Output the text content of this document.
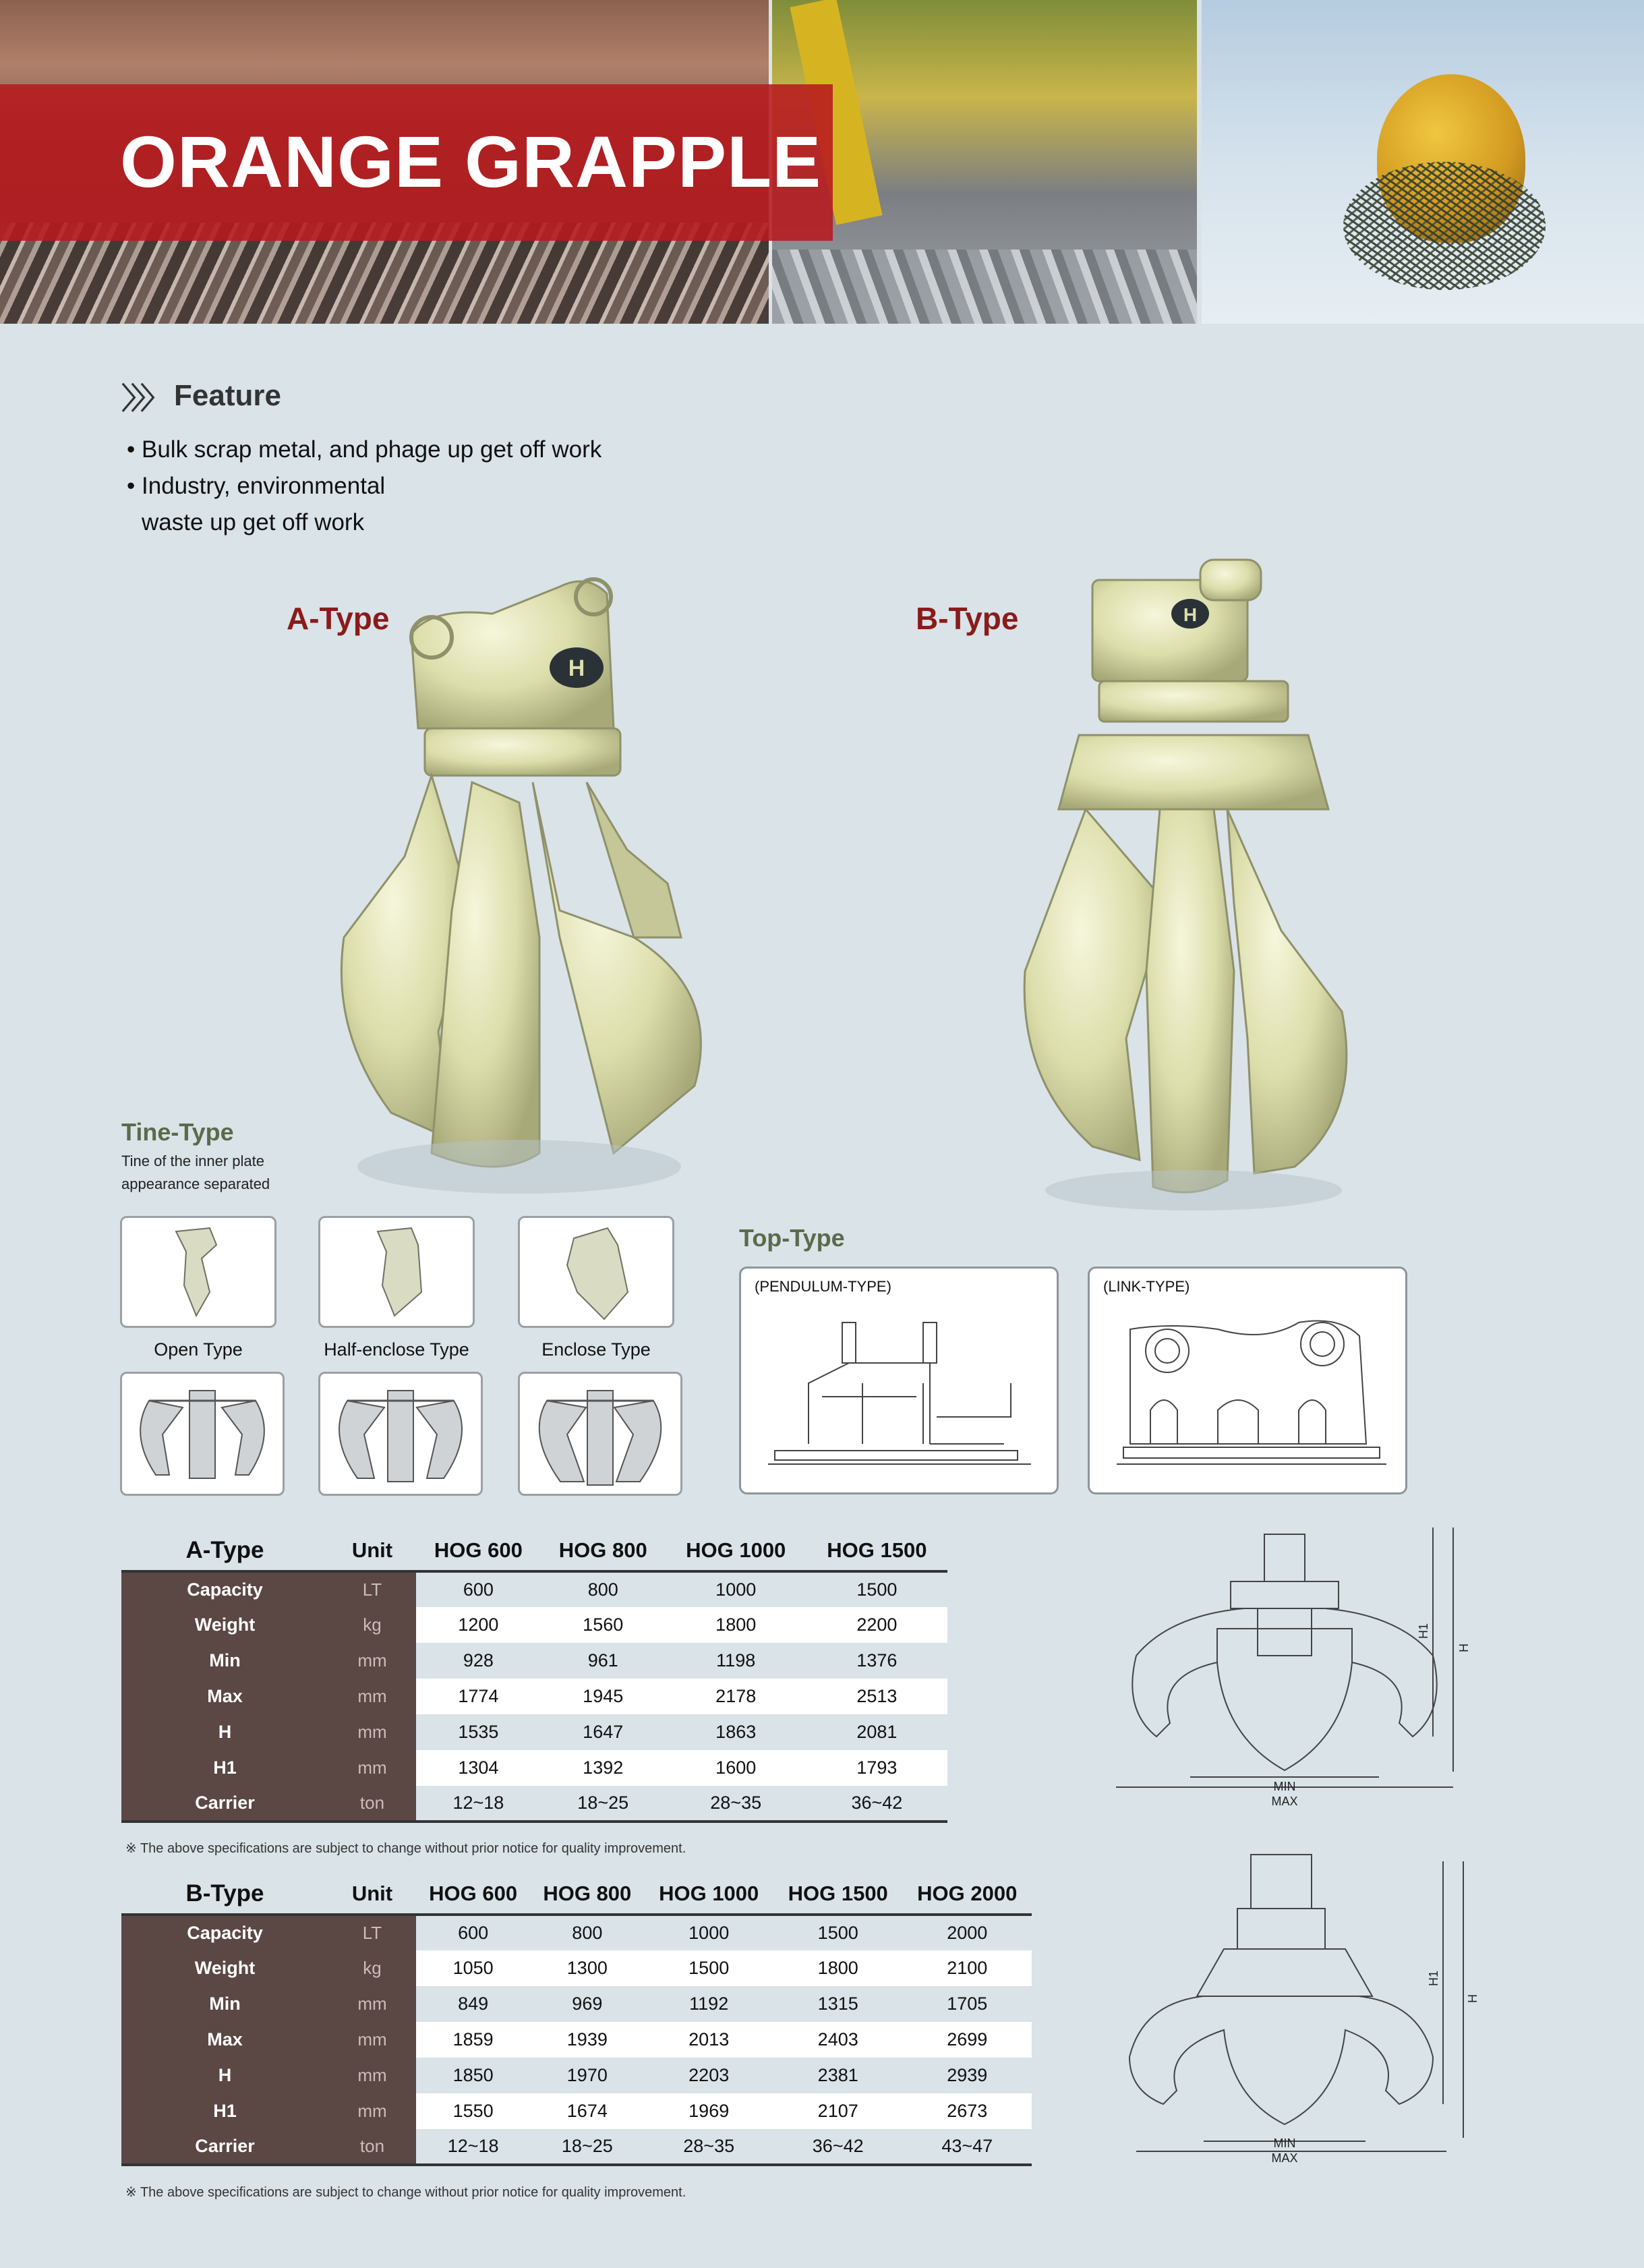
ORANGE GRAPPLE
〉〉〉 Feature
• Bulk scrap metal, and phage up get off work
• Industry, environmental
waste up get off work
A-Type	B-Type
H
H
Tine-Type
Tine of the inner plate
appearance separated
Open Type	Half-enclose Type	Enclose Type
Top-Type
(PENDULUM-TYPE)	(LINK-TYPE)
A-Type	Unit	HOG 600	HOG 800	HOG 1000	HOG 1500
Capacity	LT	600	800	1000	1500
Weight	kg	1200	1560	1800	2200
Min	mm	928	961	1198	1376
Max	mm	1774	1945	2178	2513
H	mm	1535	1647	1863	2081
H1	mm	1304	1392	1600	1793
Carrier	ton	12~18	18~25	28~35	36~42
※ The above specifications are subject to change without prior notice for quality improvement.
B-Type	Unit	HOG 600	HOG 800	HOG 1000	HOG 1500	HOG 2000
Capacity	LT	600	800	1000	1500	2000
Weight	kg	1050	1300	1500	1800	2100
Min	mm	849	969	1192	1315	1705
Max	mm	1859	1939	2013	2403	2699
H	mm	1850	1970	2203	2381	2939
H1	mm	1550	1674	1969	2107	2673
Carrier	ton	12~18	18~25	28~35	36~42	43~47
※ The above specifications are subject to change without prior notice for quality improvement.
MIN
MAX
H1
H
MIN
MAX
H1
H
